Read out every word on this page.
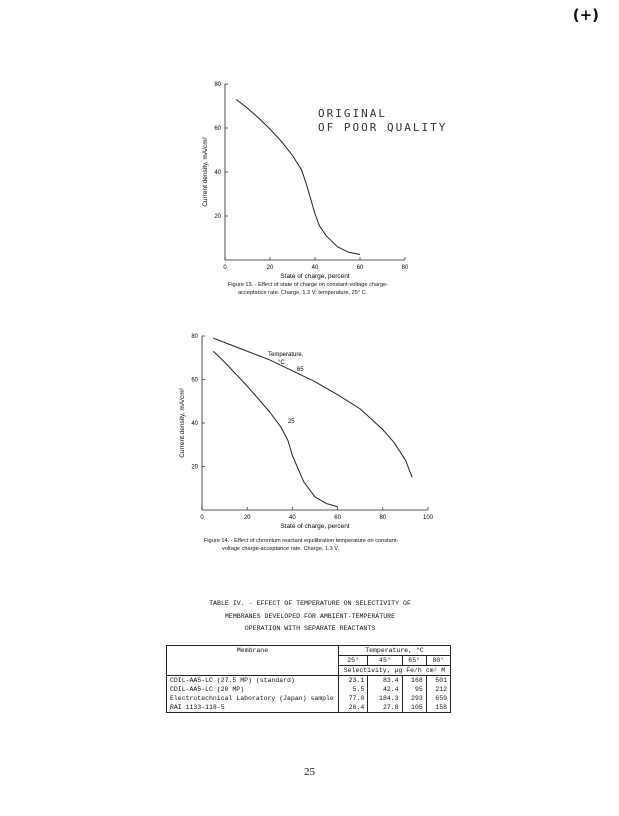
(+)
ORIGINAL
OF POOR QUALITY
0	20	40	60	80
20
40
60
80
State of charge, percent
Current density, mA/cm²
Figure 13. - Effect of state of charge on constant-voltage charge-
acceptance rate. Charge, 1.3 V; temperature, 25° C.
0	20	40	60	80	100
20
40
60
80
65
25
Temperature,
°C
State of charge, percent
Current density, mA/cm²
Figure 14. - Effect of chromium reactant equilibration temperature on constant-
voltage charge-acceptance rate. Charge, 1.3 V.
TABLE IV. - EFFECT OF TEMPERATURE ON SELECTIVITY OF
MEMBRANES DEVELOPED FOR AMBIENT-TEMPERATURE
OPERATION WITH SEPARATE REACTANTS
Membrane	Temperature, °C			
	25°	45°	65°	80°
	Selectivity, µg Fe/h cm² M			
CDIL-AA5-LC (27.5 MP) (standard)	23.1	83.4	168	501
CDIL-AA5-LC (20 MP)	5.5	42.4	95	212
Electrotechnical Laboratory (Japan) sample	77.0	184.3	293	659
RAI 1133-118-5	26.4	27.8	105	158
25
